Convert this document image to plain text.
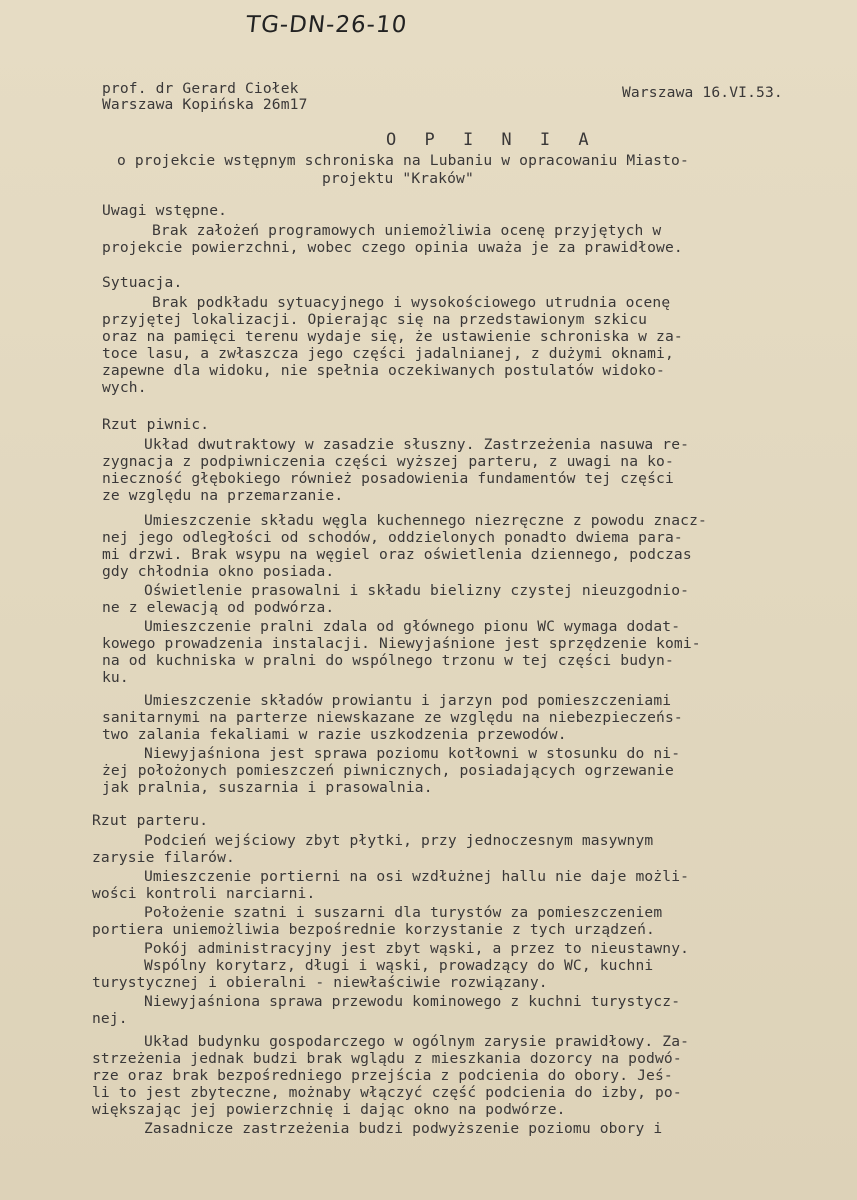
TG-DN-26-10
prof. dr Gerard Ciołek
Warszawa Kopińska 26m17
Warszawa 16.VI.53.
O P I N I A
o projekcie wstępnym schroniska na Lubaniu w opracowaniu Miasto-
projektu "Kraków"
Uwagi wstępne.
Brak założeń programowych uniemożliwia ocenę przyjętych w
projekcie powierzchni, wobec czego opinia uważa je za prawidłowe.
Sytuacja.
Brak podkładu sytuacyjnego i wysokościowego utrudnia ocenę
przyjętej lokalizacji. Opierając się na przedstawionym szkicu
oraz na pamięci terenu wydaje się, że ustawienie schroniska w za-
toce lasu, a zwłaszcza jego części jadalnianej, z dużymi oknami,
zapewne dla widoku, nie spełnia oczekiwanych postulatów widoko-
wych.
Rzut piwnic.
Układ dwutraktowy w zasadzie słuszny. Zastrzeżenia nasuwa re-
zygnacja z podpiwniczenia części wyższej parteru, z uwagi na ko-
nieczność głębokiego również posadowienia fundamentów tej części
ze względu na przemarzanie.
Umieszczenie składu węgla kuchennego niezręczne z powodu znacz-
nej jego odległości od schodów, oddzielonych ponadto dwiema para-
mi drzwi. Brak wsypu na węgiel oraz oświetlenia dziennego, podczas
gdy chłodnia okno posiada.
Oświetlenie prasowalni i składu bielizny czystej nieuzgodnio-
ne z elewacją od podwórza.
Umieszczenie pralni zdala od głównego pionu WC wymaga dodat-
kowego prowadzenia instalacji. Niewyjaśnione jest sprzędzenie komi-
na od kuchniska w pralni do wspólnego trzonu w tej części budyn-
ku.
Umieszczenie składów prowiantu i jarzyn pod pomieszczeniami
sanitarnymi na parterze niewskazane ze względu na niebezpieczeńs-
two zalania fekaliami w razie uszkodzenia przewodów.
Niewyjaśniona jest sprawa poziomu kotłowni w stosunku do ni-
żej położonych pomieszczeń piwnicznych, posiadających ogrzewanie
jak pralnia, suszarnia i prasowalnia.
Rzut parteru.
Podcień wejściowy zbyt płytki, przy jednoczesnym masywnym
zarysie filarów.
Umieszczenie portierni na osi wzdłużnej hallu nie daje możli-
wości kontroli narciarni.
Położenie szatni i suszarni dla turystów za pomieszczeniem
portiera uniemożliwia bezpośrednie korzystanie z tych urządzeń.
Pokój administracyjny jest zbyt wąski, a przez to nieustawny.
Wspólny korytarz, długi i wąski, prowadzący do WC, kuchni
turystycznej i obieralni - niewłaściwie rozwiązany.
Niewyjaśniona sprawa przewodu kominowego z kuchni turystycz-
nej.
Układ budynku gospodarczego w ogólnym zarysie prawidłowy. Za-
strzeżenia jednak budzi brak wglądu z mieszkania dozorcy na podwó-
rze oraz brak bezpośredniego przejścia z podcienia do obory. Jeś-
li to jest zbyteczne, możnaby włączyć część podcienia do izby, po-
większając jej powierzchnię i dając okno na podwórze.
Zasadnicze zastrzeżenia budzi podwyższenie poziomu obory i
